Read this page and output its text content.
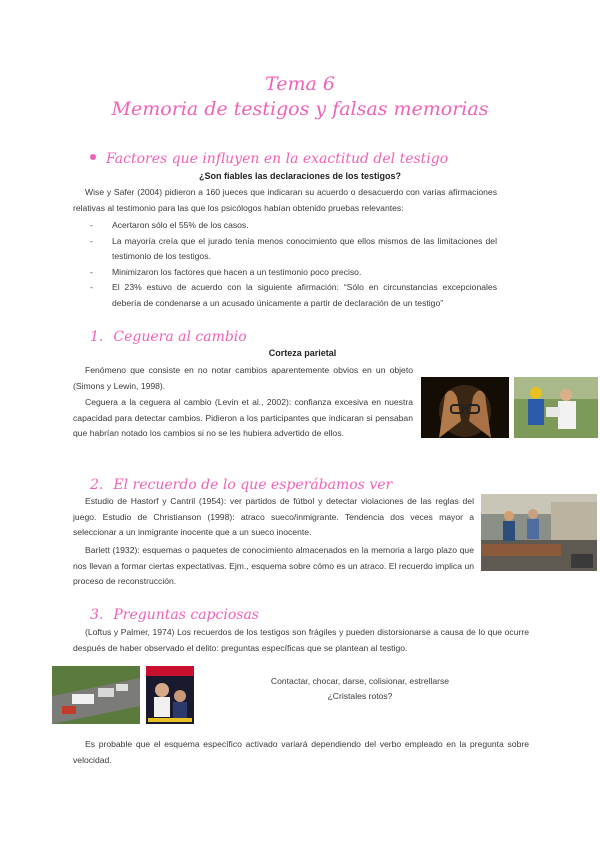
Tema 6
Memoria de testigos y falsas memorias
Factores que influyen en la exactitud del testigo
¿Son fiables las declaraciones de los testigos?
Wise y Safer (2004) pidieron a 160 jueces que indicaran su acuerdo o desacuerdo con varias afirmaciones relativas al testimonio para las que los psicólogos habían obtenido pruebas relevantes:
- Acertaron sólo el 55% de los casos.
- La mayoría creía que el jurado tenía menos conocimiento que ellos mismos de las limitaciones del testimonio de los testigos.
- Minimizaron los factores que hacen a un testimonio poco preciso.
- El 23% estuvo de acuerdo con la siguiente afirmación: “Sólo en circunstancias excepcionales debería de condenarse a un acusado únicamente a partir de declaración de un testigo”
1. Ceguera al cambio
Corteza parietal
Fenómeno que consiste en no notar cambios aparentemente obvios en un objeto (Simons y Lewin, 1998).
Ceguera a la ceguera al cambio (Levin et al., 2002): confianza excesiva en nuestra capacidad para detectar cambios. Pidieron a los participantes que indicaran si pensaban que habrían notado los cambios si no se les hubiera advertido de ellos.
2. El recuerdo de lo que esperábamos ver
Estudio de Hastorf y Cantril (1954): ver partidos de fútbol y detectar violaciones de las reglas del juego. Estudio de Christianson (1998): atraco sueco/inmigrante. Tendencia dos veces mayor a seleccionar a un inmigrante inocente que a un sueco inocente.
Barlett (1932): esquemas o paquetes de conocimiento almacenados en la memoria a largo plazo que nos llevan a formar ciertas expectativas. Ejm., esquema sobre cómo es un atraco. El recuerdo implica un proceso de reconstrucción.
3. Preguntas capciosas
(Loftus y Palmer, 1974) Los recuerdos de los testigos son frágiles y pueden distorsionarse a causa de lo que ocurre después de haber observado el delito: preguntas específicas que se plantean al testigo.
Contactar, chocar, darse, colisionar, estrellarse
¿Cristales rotos?
Es probable que el esquema específico activado variará dependiendo del verbo empleado en la pregunta sobre velocidad.
